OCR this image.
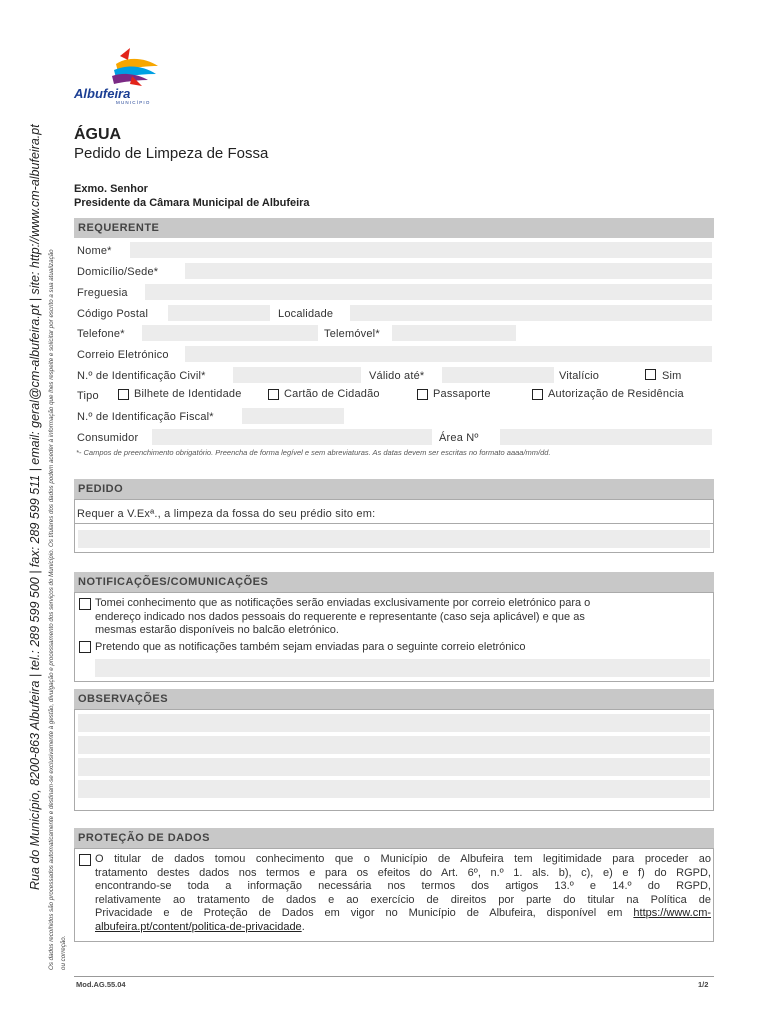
Rua do Município, 8200-863 Albufeira | tel.: 289 599 500 | fax: 289 599 511 | email: geral@cm-albufeira.pt | site: http://www.cm-albufeira.pt Os dados recolhidos são processados automaticamente e destinam-se exclusivamente à gestão, divulgação e processamento dos serviços do Município. Os titulares dos dados podem aceder à informação que lhes respeite e solicitar por escrito a sua atualização ou correção.
Albufeira
MUNICÍPIO
ÁGUA
Pedido de Limpeza de Fossa
Exmo. Senhor
Presidente da Câmara Municipal de Albufeira
REQUERENTE
Nome*
Domicílio/Sede*
Freguesia
Código Postal	Localidade
Telefone*	Telemóvel*
Correio Eletrónico
N.º de Identificação Civil*	Válido até*	Vitalício	Sim
Tipo	Bilhete de Identidade	Cartão de Cidadão	Passaporte	Autorização de Residência
N.º de Identificação Fiscal*
Consumidor	Área Nº
*- Campos de preenchimento obrigatório. Preencha de forma legível e sem abreviaturas. As datas devem ser escritas no formato aaaa/mm/dd.
PEDIDO
Requer a V.Exª., a limpeza da fossa do seu prédio sito em:
NOTIFICAÇÕES/COMUNICAÇÕES
Tomei conhecimento que as notificações serão enviadas exclusivamente por correio eletrónico para o
endereço indicado nos dados pessoais do requerente e representante (caso seja aplicável) e que as
mesmas estarão disponíveis no balcão eletrónico.
Pretendo que as notificações também sejam enviadas para o seguinte correio eletrónico
OBSERVAÇÕES
PROTEÇÃO DE DADOS
O titular de dados tomou conhecimento que o Município de Albufeira tem legitimidade para proceder ao
tratamento destes dados nos termos e para os efeitos do Art. 6º, n.º 1. als. b), c), e) e f) do RGPD,
encontrando-se toda a informação necessária nos termos dos artigos 13.º e 14.º do RGPD,
relativamente ao tratamento de dados e ao exercício de direitos por parte do titular na Política de
Privacidade e de Proteção de Dados em vigor no Município de Albufeira, disponível em https://www.cm-
albufeira.pt/content/politica-de-privacidade.
Mod.AG.55.04	1/2
